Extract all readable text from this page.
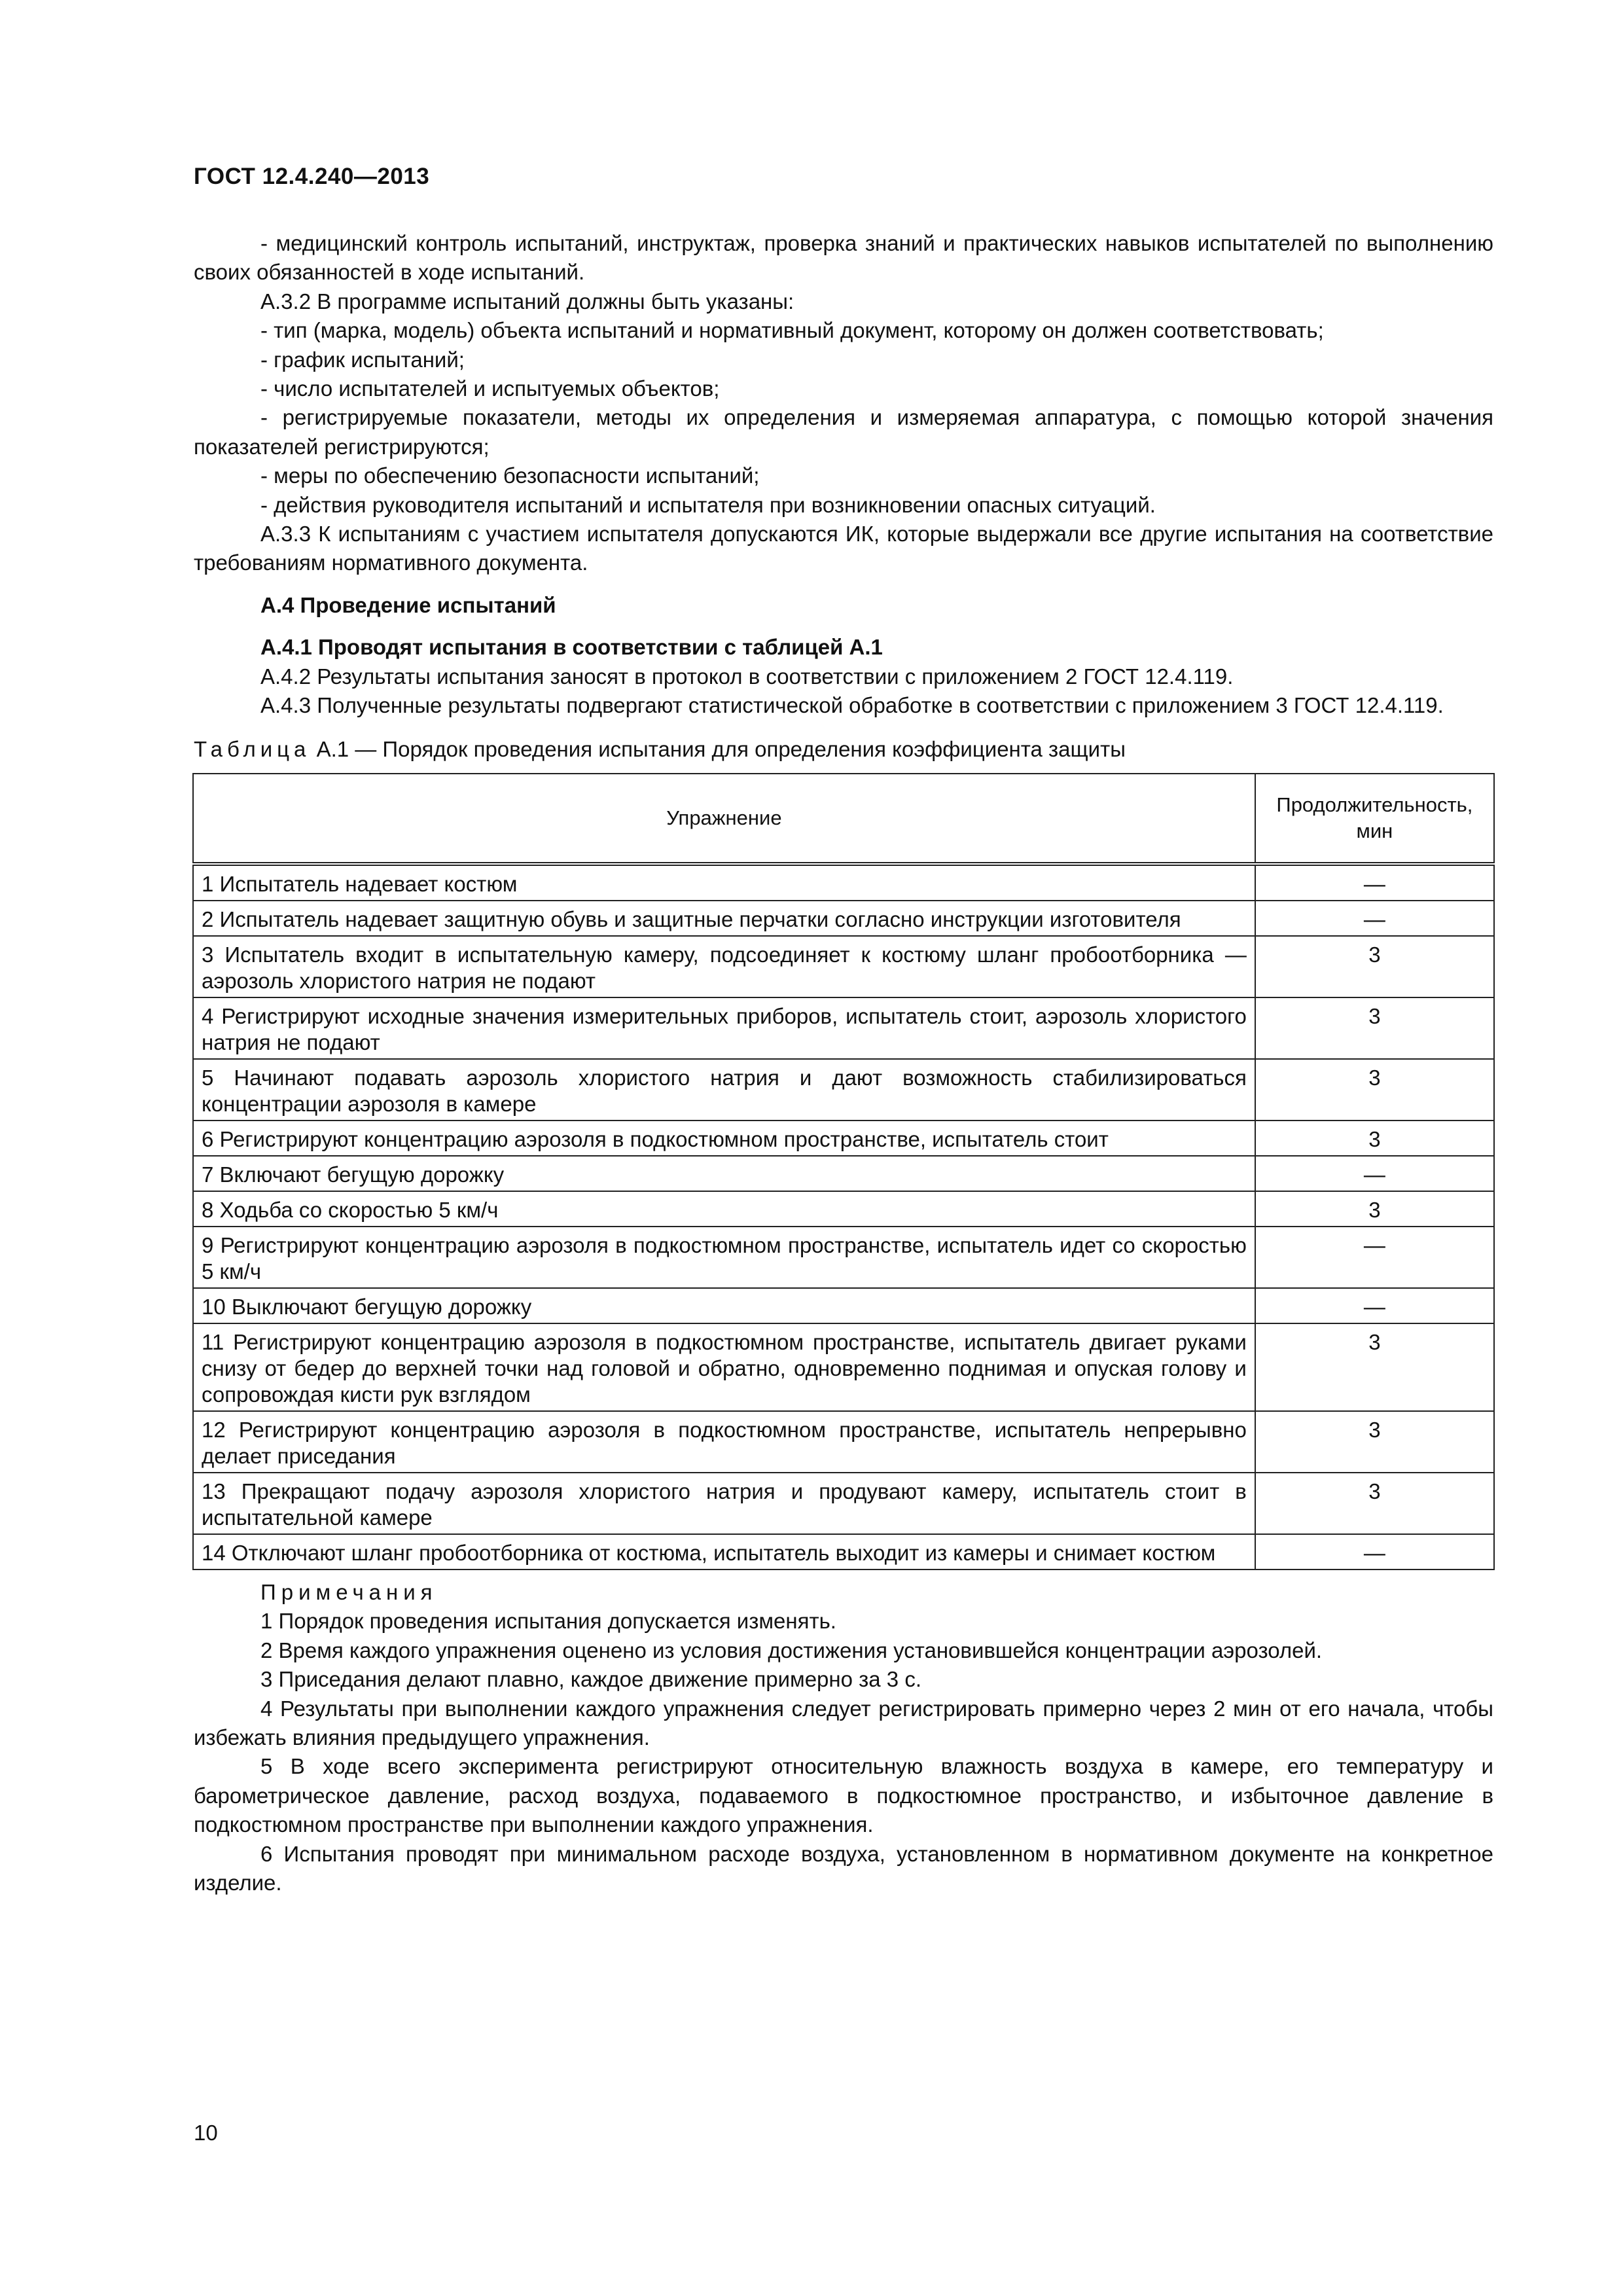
ГОСТ 12.4.240—2013

- медицинский контроль испытаний, инструктаж, проверка знаний и практических навыков испытателей по выполнению своих обязанностей в ходе испытаний.

А.3.2 В программе испытаний должны быть указаны:

- тип (марка, модель) объекта испытаний и нормативный документ, которому он должен соответствовать;

- график испытаний;

- число испытателей и испытуемых объектов;

- регистрируемые показатели, методы их определения и измеряемая аппаратура, с помощью которой значения показателей регистрируются;

- меры по обеспечению безопасности испытаний;

- действия руководителя испытаний и испытателя при возникновении опасных ситуаций.

А.3.3 К испытаниям с участием испытателя допускаются ИК, которые выдержали все другие испытания на соответствие требованиям нормативного документа.

А.4 Проведение испытаний

А.4.1 Проводят испытания в соответствии с таблицей А.1

А.4.2 Результаты испытания заносят в протокол в соответствии с приложением 2 ГОСТ 12.4.119.

А.4.3 Полученные результаты подвергают статистической обработке в соответствии с приложением 3 ГОСТ 12.4.119.

Таблица А.1 — Порядок проведения испытания для определения коэффициента защиты

Упражнение	Продолжительность, мин
1 Испытатель надевает костюм	—
2 Испытатель надевает защитную обувь и защитные перчатки согласно инструкции изготовителя	—
3 Испытатель входит в испытательную камеру, подсоединяет к костюму шланг пробоотборника — аэрозоль хлористого натрия не подают	3
4 Регистрируют исходные значения измерительных приборов, испытатель стоит, аэрозоль хлористого натрия не подают	3
5 Начинают подавать аэрозоль хлористого натрия и дают возможность стабилизироваться концентрации аэрозоля в камере	3
6 Регистрируют концентрацию аэрозоля в подкостюмном пространстве, испытатель стоит	3
7 Включают бегущую дорожку	—
8 Ходьба со скоростью 5 км/ч	3
9 Регистрируют концентрацию аэрозоля в подкостюмном пространстве, испытатель идет со скоростью 5 км/ч	—
10 Выключают бегущую дорожку	—
11 Регистрируют концентрацию аэрозоля в подкостюмном пространстве, испытатель двигает руками снизу от бедер до верхней точки над головой и обратно, одновременно поднимая и опуская голову и сопровождая кисти рук взглядом	3
12 Регистрируют концентрацию аэрозоля в подкостюмном пространстве, испытатель непрерывно делает приседания	3
13 Прекращают подачу аэрозоля хлористого натрия и продувают камеру, испытатель стоит в испытательной камере	3
14 Отключают шланг пробоотборника от костюма, испытатель выходит из камеры и снимает костюм	—

Примечания

1 Порядок проведения испытания допускается изменять.

2 Время каждого упражнения оценено из условия достижения установившейся концентрации аэрозолей.

3 Приседания делают плавно, каждое движение примерно за 3 с.

4 Результаты при выполнении каждого упражнения следует регистрировать примерно через 2 мин от его начала, чтобы избежать влияния предыдущего упражнения.

5 В ходе всего эксперимента регистрируют относительную влажность воздуха в камере, его температуру и барометрическое давление, расход воздуха, подаваемого в подкостюмное пространство, и избыточное давление в подкостюмном пространстве при выполнении каждого упражнения.

6 Испытания проводят при минимальном расходе воздуха, установленном в нормативном документе на конкретное изделие.

10
